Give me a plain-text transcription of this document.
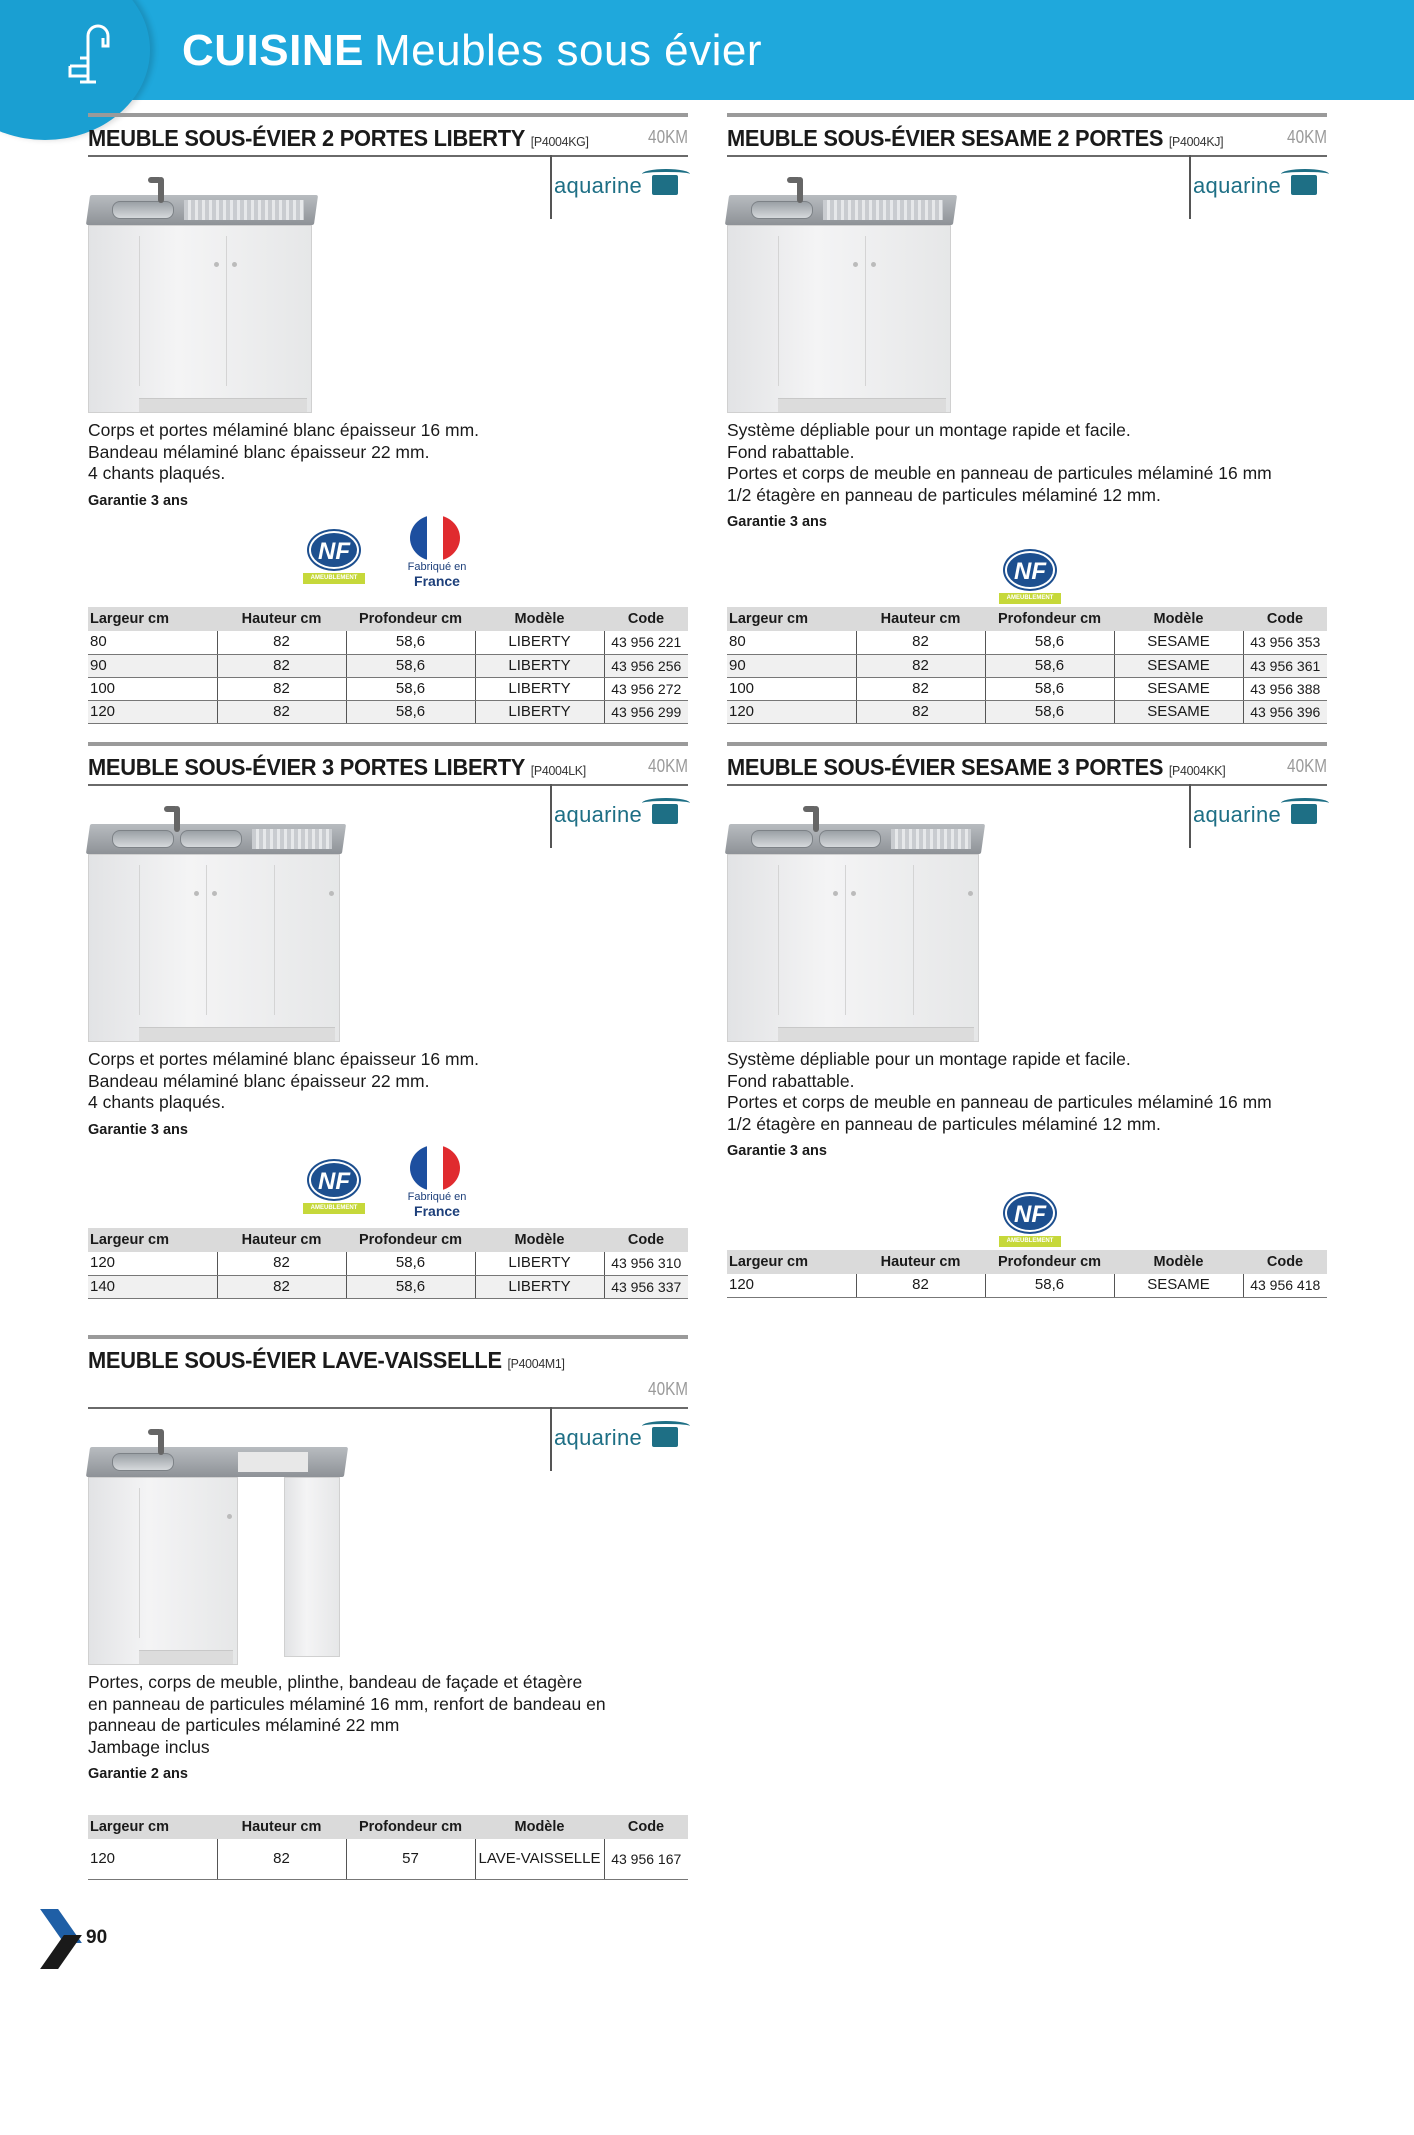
CUISINE Meubles sous évier
MEUBLE SOUS-ÉVIER 2 PORTES LIBERTY [P4004KG]	40KM
aquarine
Corps et portes mélaminé blanc épaisseur 16 mm.
Bandeau mélaminé blanc épaisseur 22 mm.
4 chants plaqués.
Garantie 3 ans
NF
AMEUBLEMENT
Fabriqué en
France
Largeur cm	Hauteur cm	Profondeur cm	Modèle	Code
80	82	58,6	LIBERTY	43 956 221
90	82	58,6	LIBERTY	43 956 256
100	82	58,6	LIBERTY	43 956 272
120	82	58,6	LIBERTY	43 956 299
MEUBLE SOUS-ÉVIER SESAME 2 PORTES [P4004KJ]	40KM
aquarine
Système dépliable pour un montage rapide et facile.
Fond rabattable.
Portes et corps de meuble en panneau de particules mélaminé 16 mm
1/2 étagère en panneau de particules mélaminé 12 mm.
Garantie 3 ans
NF
AMEUBLEMENT
Largeur cm	Hauteur cm	Profondeur cm	Modèle	Code
80	82	58,6	SESAME	43 956 353
90	82	58,6	SESAME	43 956 361
100	82	58,6	SESAME	43 956 388
120	82	58,6	SESAME	43 956 396
MEUBLE SOUS-ÉVIER 3 PORTES LIBERTY [P4004LK]	40KM
aquarine
Corps et portes mélaminé blanc épaisseur 16 mm.
Bandeau mélaminé blanc épaisseur 22 mm.
4 chants plaqués.
Garantie 3 ans
NF
AMEUBLEMENT
Fabriqué en
France
Largeur cm	Hauteur cm	Profondeur cm	Modèle	Code
120	82	58,6	LIBERTY	43 956 310
140	82	58,6	LIBERTY	43 956 337
MEUBLE SOUS-ÉVIER SESAME 3 PORTES [P4004KK]	40KM
aquarine
Système dépliable pour un montage rapide et facile.
Fond rabattable.
Portes et corps de meuble en panneau de particules mélaminé 16 mm
1/2 étagère en panneau de particules mélaminé 12 mm.
Garantie 3 ans
NF
AMEUBLEMENT
Largeur cm	Hauteur cm	Profondeur cm	Modèle	Code
120	82	58,6	SESAME	43 956 418
MEUBLE SOUS-ÉVIER LAVE-VAISSELLE [P4004M1]
40KM
aquarine
Portes, corps de meuble, plinthe, bandeau de façade et étagère
en panneau de particules mélaminé 16 mm, renfort de bandeau en
panneau de particules mélaminé 22 mm
Jambage inclus
Garantie 2 ans
Largeur cm	Hauteur cm	Profondeur cm	Modèle	Code
120	82	57	LAVE-VAISSELLE	43 956 167
90
